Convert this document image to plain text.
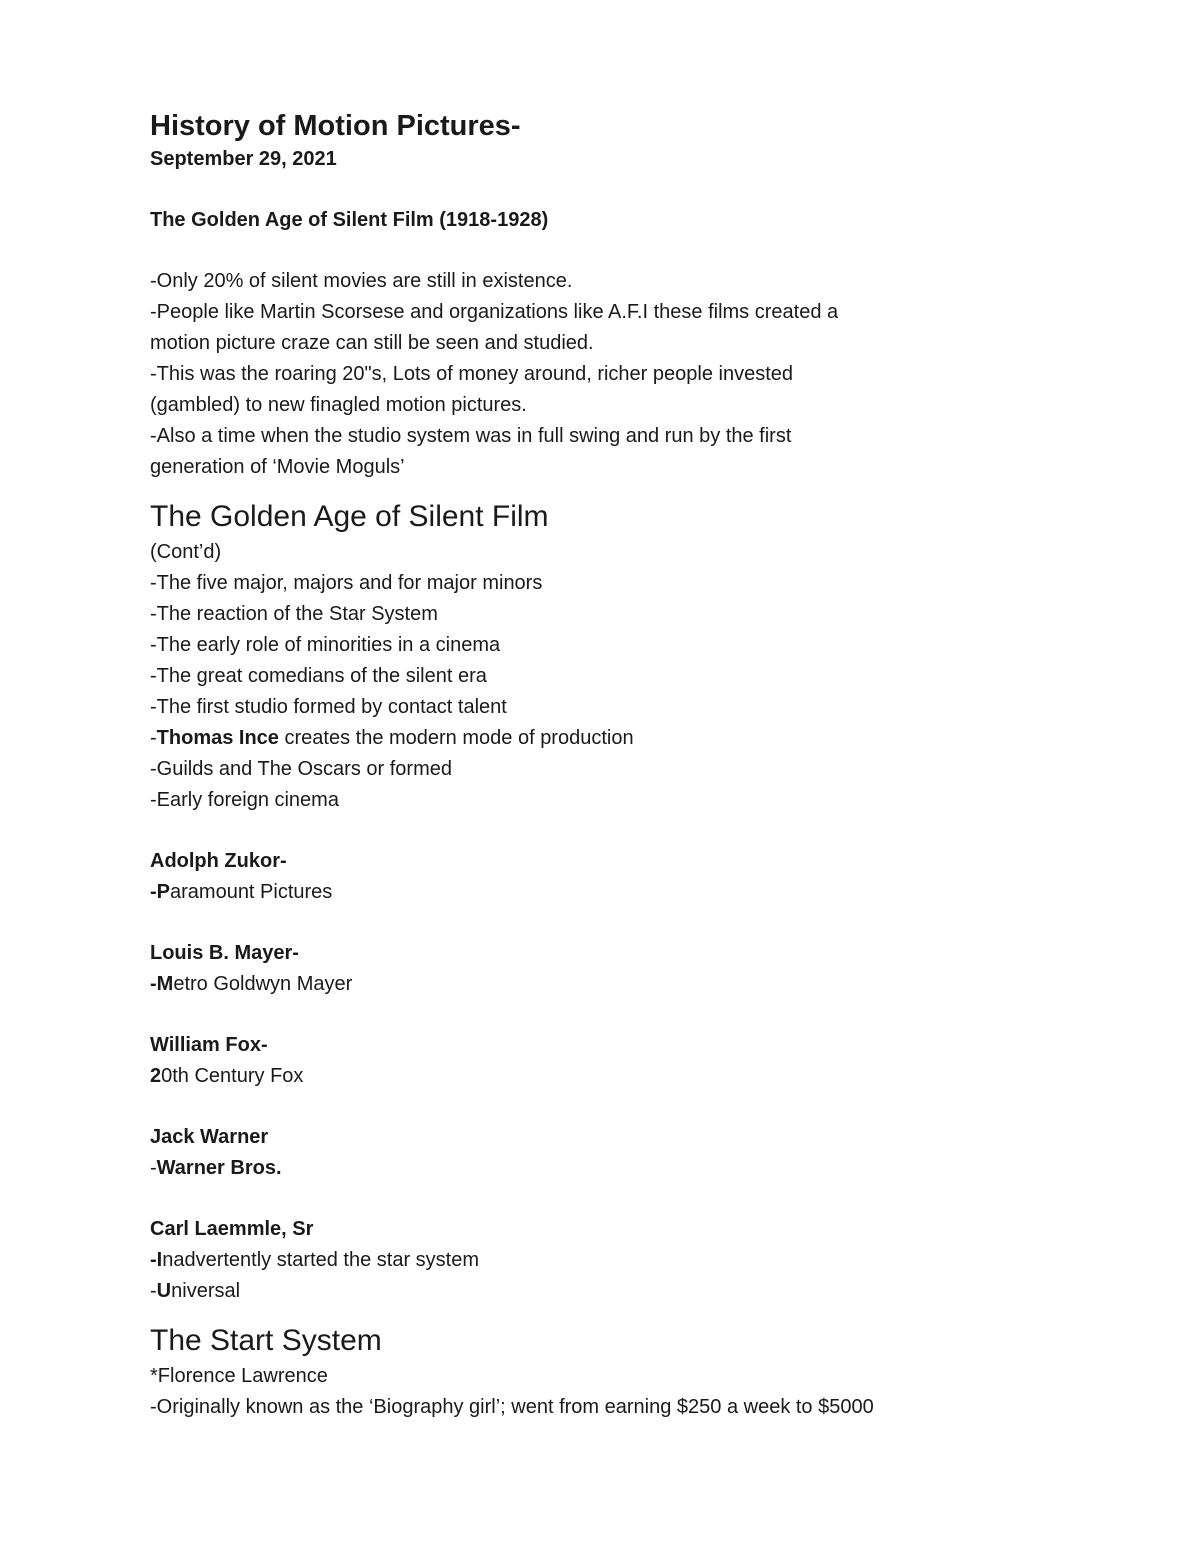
History of Motion Pictures-

September 29, 2021

The Golden Age of Silent Film (1918-1928)

-Only 20% of silent movies are still in existence.

-People like Martin Scorsese and organizations like A.F.I these films created a

motion picture craze can still be seen and studied.

-This was the roaring 20"s, Lots of money around, richer people invested

(gambled) to new finagled motion pictures.

-Also a time when the studio system was in full swing and run by the first

generation of ‘Movie Moguls’

The Golden Age of Silent Film

(Cont’d)

-The five major, majors and for major minors

-The reaction of the Star System

-The early role of minorities in a cinema

-The great comedians of the silent era

-The first studio formed by contact talent

-Thomas Ince creates the modern mode of production

-Guilds and The Oscars or formed

-Early foreign cinema

Adolph Zukor-

-Paramount Pictures

Louis B. Mayer-

-Metro Goldwyn Mayer

William Fox-

20th Century Fox

Jack Warner

-Warner Bros.

Carl Laemmle, Sr

-Inadvertently started the star system

-Universal

The Start System

*Florence Lawrence

-Originally known as the ‘Biography girl’; went from earning $250 a week to $5000
